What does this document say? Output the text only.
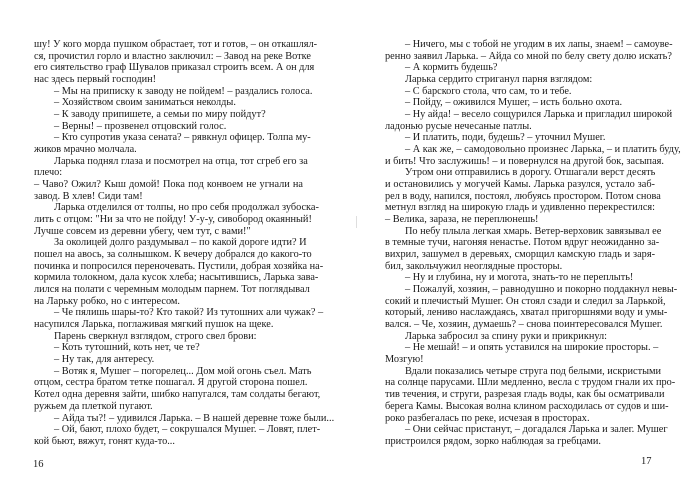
шу! У кого морда пушком обрастает, тот и готов, – он откашлял-
ся, прочистил горло и властно заключил: – Завод на реке Вотке
его сиятельство граф Шувалов приказал строить всем. А он для
нас здесь первый господин!
– Мы на приписку к заводу не пойдем! – раздались голоса.
– Хозяйством своим заниматься неколды.
– К заводу припишете, а семьи по миру пойдут?
– Верны! – прозвенел отцовский голос.
– Кто супротив указа сената? – рявкнул офицер. Толпа му-
жиков мрачно молчала.
Ларька поднял глаза и посмотрел на отца, тот сгреб его за
плечо:
– Чаво? Ожил? Кыш домой! Пока под конвоем не угнали на
завод. В хлев! Сиди там!
Ларька отделился от толпы, но про себя продолжал зубоска-
лить с отцом: "Ни за что не пойду! У-у-у, сивобород окаянный!
Лучше совсем из деревни убегу, чем тут, с вами!"
За околицей долго раздумывал – по какой дороге идти? И
пошел на авось, за солнышком. К вечеру добрался до какого-то
починка и попросился переночевать. Пустили, добрая хозяйка на-
кормила толокном, дала кусок хлеба; насытившись, Ларька зава-
лился на полати с черемным молодым парнем. Тот поглядывал
на Ларьку робко, но с интересом.
– Че пялишь шары-то? Кто такой? Из тутошних али чужак? –
насупился Ларька, поглаживая мягкий пушок на щеке.
Парень сверкнул взглядом, строго свел брови:
– Коть тутошний, коть нет, че те?
– Ну так, для антересу.
– Вотяк я, Мушег – погорелец... Дом мой огонь съел. Мать
отцом, сестра братом тетке пошагал. Я другой сторона пошел.
Котел одна деревня зайти, шибко напугался, там солдаты бегают,
ружьем да плеткой пугают.
– Айда ты?! – удивился Ларька. – В нашей деревне тоже были...
– Ой, бают, плохо будет, – сокрушался Мушег. – Ловят, плет-
кой бьют, вяжут, гонят куда-то...
16
– Ничего, мы с тобой не угодим в их лапы, знаем! – самоуве-
ренно заявил Ларька. – Айда со мной по белу свету долю искать?
– А кормить будешь?
Ларька сердито стриганул парня взглядом:
– С барского стола, что сам, то и тебе.
– Пойду, – оживился Мушег, – исть больно охота.
– Ну айда! – весело сощурился Ларька и пригладил широкой
ладонью русые нечесаные патлы.
– И платить, поди, будешь? – уточнил Мушег.
– А как же, – самодовольно произнес Ларька, – и платить буду,
и бить! Что заслужишь! – и повернулся на другой бок, засыпая.
Утром они отправились в дорогу. Отшагали верст десять
и остановились у могучей Камы. Ларька разулся, устало заб-
рел в воду, напился, постоял, любуясь простором. Потом снова
метнул взгляд на широкую гладь и удивленно перекрестился:
– Велика, зараза, не переплюнешь!
По небу плыла легкая хмарь. Ветер-верховик завязывал ее
в темные тучи, нагоняя ненастье. Потом вдруг неожиданно за-
вихрил, зашумел в деревьях, сморщил камскую гладь и заря-
бил, закольчужил неоглядные просторы.
– Ну и глубина, ну и могота, знать-то не переплыть!
– Пожалуй, хозяин, – равнодушно и покорно поддакнул невы-
сокий и плечистый Мушег. Он стоял сзади и следил за Ларькой,
который, лениво наслаждаясь, хватал пригоршнями воду и умы-
вался. – Че, хозяин, думаешь? – снова поинтересовался Мушег.
Ларька забросил за спину руки и прикрикнул:
– Не мешай! – и опять уставился на широкие просторы. –
Мозгую!
Вдали показались четыре струга под белыми, искристыми
на солнце парусами. Шли медленно, весла с трудом гнали их про-
тив течения, и струги, разрезая гладь воды, как бы осматривали
берега Камы. Высокая волна клином расходилась от судов и ши-
роко разбегалась по реке, исчезая в просторах.
– Они сейчас пристанут, – догадался Ларька и залег. Мушег
пристроился рядом, зорко наблюдая за гребцами.
17
